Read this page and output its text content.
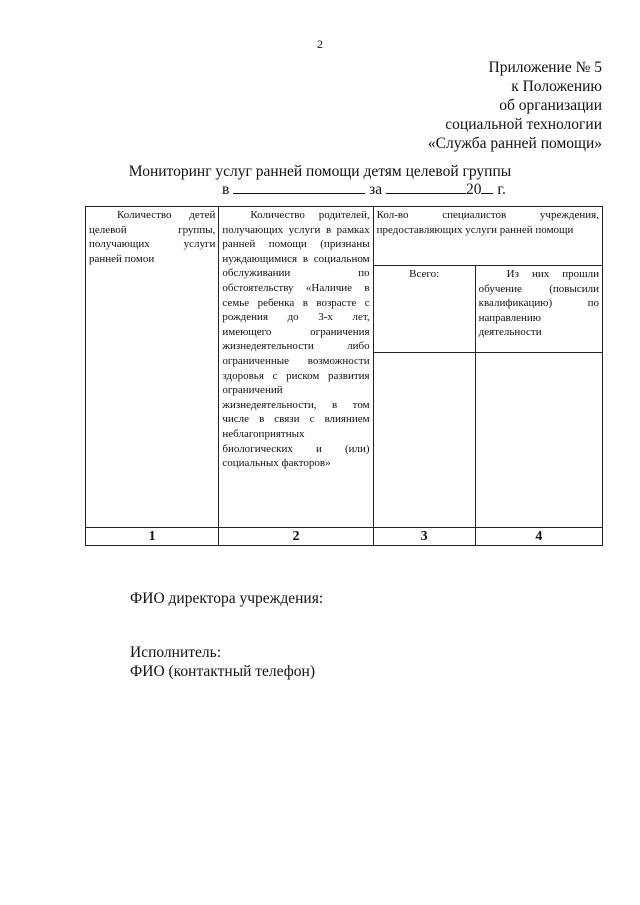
2
Приложение № 5
к Положению
об организации
социальной технологии
«Служба ранней помощи»
Мониторинг услуг ранней помощи детям целевой группы
в	за	20 г.
Количество детей целевой группы, получающих услуги ранней помои	Количество родителей, получающих услуги в рамках ранней помощи (признаны нуждающимися в социальном обслуживании по обстоятельству «Наличие в семье ребенка в возрасте с рождения до 3-х лет, имеющего ограничения жизнедеятельности либо ограниченные возможности здоровья с риском развития ограничений жизнедеятельности, в том числе в связи с влиянием неблагоприятных биологических и (или) социальных факторов»	Кол-во специалистов учреждения, предоставляющих услуги ранней помощи	
		Всего:	Из них прошли обучение (повысили квалификацию) по направлению деятельности

1	2	3	4
ФИО директора учреждения:
Исполнитель:
ФИО (контактный телефон)
